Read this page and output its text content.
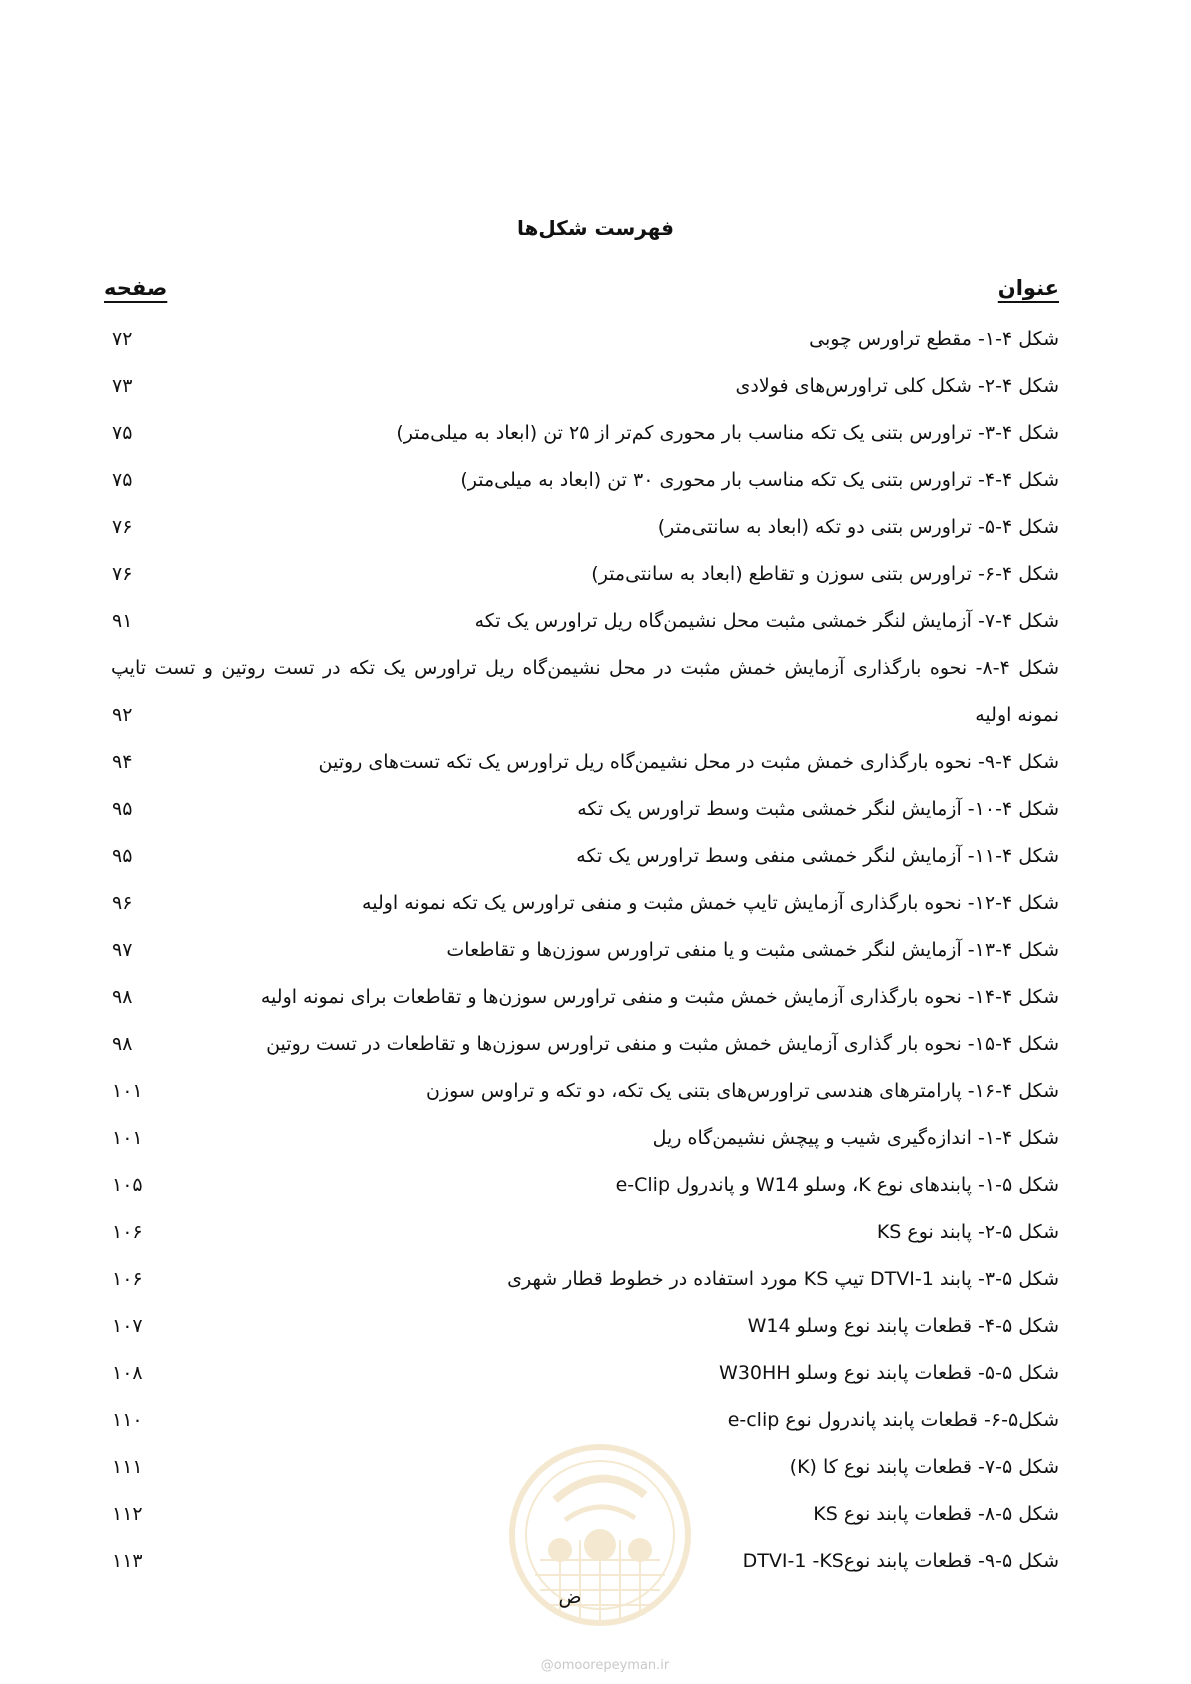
فهرست شکل‌ها
عنوان
صفحه
شکل ۴-۱- مقطع تراورس چوبی
۷۲
شکل ۴-۲- شکل کلی تراورس‌های فولادی
۷۳
شکل ۴-۳- تراورس بتنی یک تکه مناسب بار محوری کم‌تر از ۲۵ تن (ابعاد به میلی‌متر)
۷۵
شکل ۴-۴- تراورس بتنی یک تکه مناسب بار محوری ۳۰ تن (ابعاد به میلی‌متر)
۷۵
شکل ۴-۵- تراورس بتنی دو تکه (ابعاد به سانتی‌متر)
۷۶
شکل ۴-۶- تراورس بتنی سوزن و تقاطع (ابعاد به سانتی‌متر)
۷۶
شکل ۴-۷- آزمایش لنگر خمشی مثبت محل نشیمن‌گاه ریل تراورس یک تکه
۹۱
شکل ۴-۸- نحوه بارگذاری آزمایش خمش مثبت در محل نشیمن‌گاه ریل تراورس یک تکه در تست روتین و تست تایپ نمونه اولیه
۹۲
شکل ۴-۹- نحوه بارگذاری خمش مثبت در محل نشیمن‌گاه ریل تراورس یک تکه تست‌های روتین
۹۴
شکل ۴-۱۰- آزمایش لنگر خمشی مثبت وسط تراورس یک تکه
۹۵
شکل ۴-۱۱- آزمایش لنگر خمشی منفی وسط تراورس یک تکه
۹۵
شکل ۴-۱۲- نحوه بارگذاری آزمایش تایپ خمش مثبت و منفی تراورس یک تکه نمونه اولیه
۹۶
شکل ۴-۱۳- آزمایش لنگر خمشی مثبت و یا منفی تراورس سوزن‌ها و تقاطعات
۹۷
شکل ۴-۱۴- نحوه بارگذاری آزمایش خمش مثبت و منفی تراورس سوزن‌ها و تقاطعات برای نمونه اولیه
۹۸
شکل ۴-۱۵- نحوه بار گذاری آزمایش خمش مثبت و منفی تراورس سوزن‌ها و تقاطعات در تست روتین
۹۸
شکل ۴-۱۶- پارامترهای هندسی تراورس‌های بتنی یک تکه، دو تکه و تراوس سوزن
۱۰۱
شکل ۴-۱- اندازه‌گیری شیب و پیچش نشیمن‌گاه ریل
۱۰۱
شکل ۵-۱- پابندهای نوع K، وسلو W14 و پاندرول e-Clip
۱۰۵
شکل ۵-۲- پابند نوع KS
۱۰۶
شکل ۵-۳- پابند DTVI-1 تیپ KS مورد استفاده در خطوط قطار شهری
۱۰۶
شکل ۵-۴- قطعات پابند نوع وسلو W14
۱۰۷
شکل ۵-۵- قطعات پابند نوع وسلو W30HH
۱۰۸
شکل۵-۶- قطعات پابند پاندرول نوع e-clip
۱۱۰
شکل ۵-۷- قطعات پابند نوع کا (K)
۱۱۱
شکل ۵-۸- قطعات پابند نوع KS
۱۱۲
شکل ۵-۹- قطعات پابند نوعDTVI-1 -KS
۱۱۳
ض
@omoorepeyman.ir
